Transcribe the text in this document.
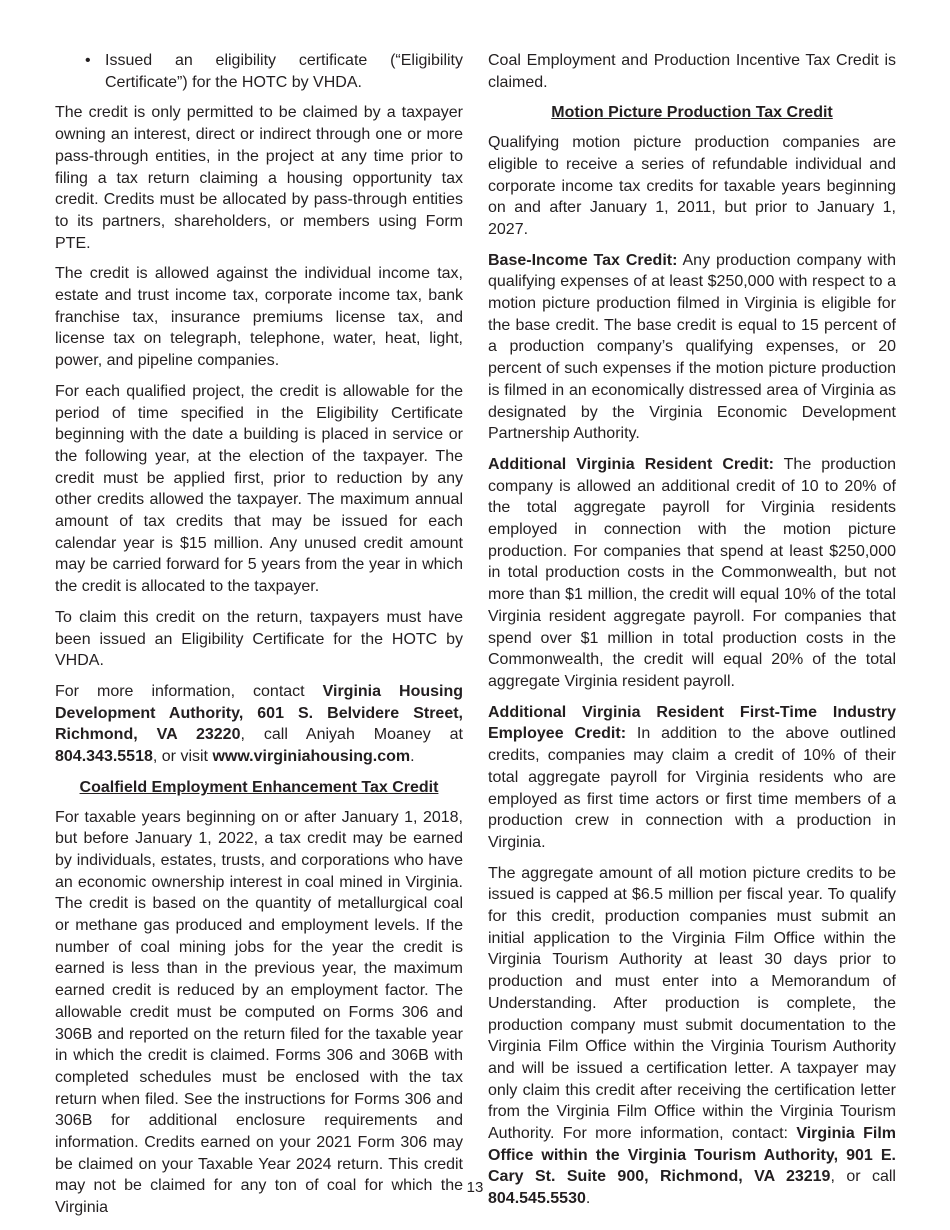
• Issued an eligibility certificate (“Eligibility Certificate”) for the HOTC by VHDA.

The credit is only permitted to be claimed by a taxpayer owning an interest, direct or indirect through one or more pass-through entities, in the project at any time prior to filing a tax return claiming a housing opportunity tax credit. Credits must be allocated by pass-through entities to its partners, shareholders, or members using Form PTE.

The credit is allowed against the individual income tax, estate and trust income tax, corporate income tax, bank franchise tax, insurance premiums license tax, and license tax on telegraph, telephone, water, heat, light, power, and pipeline companies.

For each qualified project, the credit is allowable for the period of time specified in the Eligibility Certificate beginning with the date a building is placed in service or the following year, at the election of the taxpayer. The credit must be applied first, prior to reduction by any other credits allowed the taxpayer. The maximum annual amount of tax credits that may be issued for each calendar year is $15 million. Any unused credit amount may be carried forward for 5 years from the year in which the credit is allocated to the taxpayer.

To claim this credit on the return, taxpayers must have been issued an Eligibility Certificate for the HOTC by VHDA.

For more information, contact Virginia Housing Development Authority, 601 S. Belvidere Street, Richmond, VA 23220, call Aniyah Moaney at 804.343.5518, or visit www.virginiahousing.com.

Coalfield Employment Enhancement Tax Credit

For taxable years beginning on or after January 1, 2018, but before January 1, 2022, a tax credit may be earned by individuals, estates, trusts, and corporations who have an economic ownership interest in coal mined in Virginia. The credit is based on the quantity of metallurgical coal or methane gas produced and employment levels. If the number of coal mining jobs for the year the credit is earned is less than in the previous year, the maximum earned credit is reduced by an employment factor. The allowable credit must be computed on Forms 306 and 306B and reported on the return filed for the taxable year in which the credit is claimed. Forms 306 and 306B with completed schedules must be enclosed with the tax return when filed. See the instructions for Forms 306 and 306B for additional enclosure requirements and information. Credits earned on your 2021 Form 306 may be claimed on your Taxable Year 2024 return. This credit may not be claimed for any ton of coal for which the Virginia

Coal Employment and Production Incentive Tax Credit is claimed.

Motion Picture Production Tax Credit

Qualifying motion picture production companies are eligible to receive a series of refundable individual and corporate income tax credits for taxable years beginning on and after January 1, 2011, but prior to January 1, 2027.

Base-Income Tax Credit: Any production company with qualifying expenses of at least $250,000 with respect to a motion picture production filmed in Virginia is eligible for the base credit. The base credit is equal to 15 percent of a production company’s qualifying expenses, or 20 percent of such expenses if the motion picture production is filmed in an economically distressed area of Virginia as designated by the Virginia Economic Development Partnership Authority.

Additional Virginia Resident Credit: The production company is allowed an additional credit of 10 to 20% of the total aggregate payroll for Virginia residents employed in connection with the motion picture production. For companies that spend at least $250,000 in total production costs in the Commonwealth, but not more than $1 million, the credit will equal 10% of the total Virginia resident aggregate payroll. For companies that spend over $1 million in total production costs in the Commonwealth, the credit will equal 20% of the total aggregate Virginia resident payroll.

Additional Virginia Resident First-Time Industry Employee Credit: In addition to the above outlined credits, companies may claim a credit of 10% of their total aggregate payroll for Virginia residents who are employed as first time actors or first time members of a production crew in connection with a production in Virginia.

The aggregate amount of all motion picture credits to be issued is capped at $6.5 million per fiscal year. To qualify for this credit, production companies must submit an initial application to the Virginia Film Office within the Virginia Tourism Authority at least 30 days prior to production and must enter into a Memorandum of Understanding. After production is complete, the production company must submit documentation to the Virginia Film Office within the Virginia Tourism Authority and will be issued a certification letter. A taxpayer may only claim this credit after receiving the certification letter from the Virginia Film Office within the Virginia Tourism Authority. For more information, contact: Virginia Film Office within the Virginia Tourism Authority, 901 E. Cary St. Suite 900, Richmond, VA 23219, or call 804.545.5530.

13
